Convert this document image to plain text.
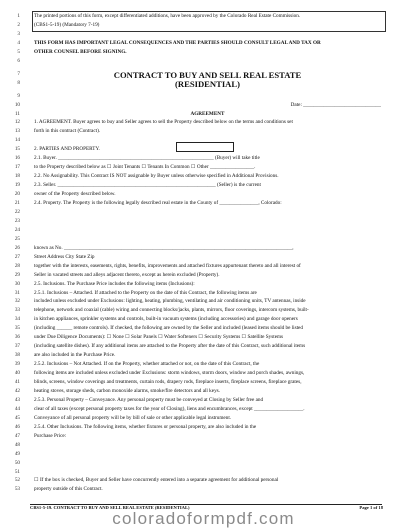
1	The printed portions of this form, except differentiated additions, have been approved by the Colorado Real Estate Commission.
2	(CBS1-5-19) (Mandatory 7-19)
3
4	THIS FORM HAS IMPORTANT LEGAL CONSEQUENCES AND THE PARTIES SHOULD CONSULT LEGAL AND TAX OR
5	OTHER COUNSEL BEFORE SIGNING.
6
7	CONTRACT TO BUY AND SELL REAL ESTATE
8	(RESIDENTIAL)
9
10	Date: ______________________________
11	AGREEMENT
12	1. AGREEMENT. Buyer agrees to buy and Seller agrees to sell the Property described below on the terms and conditions set
13	forth in this contract (Contract).
14
15	2. PARTIES AND PROPERTY.
16	2.1. Buyer. ____________________________________________________________ (Buyer) will take title
17	to the Property described below as ☐ Joint Tenants ☐ Tenants In Common ☐ Other _________________.
18	2.2. No Assignability. This Contract IS NOT assignable by Buyer unless otherwise specified in Additional Provisions.
19	2.3. Seller. _____________________________________________________________ (Seller) is the current
20	owner of the Property described below.
21	2.4. Property. The Property is the following legally described real estate in the County of _______________, Colorado:
22
23
24
25
26	known as No. ________________________________________________________________________________________,
27	Street Address City State Zip
28	together with the interests, easements, rights, benefits, improvements and attached fixtures appurtenant thereto and all interest of
29	Seller in vacated streets and alleys adjacent thereto, except as herein excluded (Property).
30	2.5. Inclusions. The Purchase Price includes the following items (Inclusions):
31	2.5.1. Inclusions – Attached. If attached to the Property on the date of this Contract, the following items are
32	included unless excluded under Exclusions: lighting, heating, plumbing, ventilating and air conditioning units, TV antennas, inside
33	telephone, network and coaxial (cable) wiring and connecting blocks/jacks, plants, mirrors, floor coverings, intercom systems, built-
34	in kitchen appliances, sprinkler systems and controls, built-in vacuum systems (including accessories) and garage door openers
35	(including ______ remote controls). If checked, the following are owned by the Seller and included (leased items should be listed
36	under Due Diligence Documents): ☐ None ☐ Solar Panels ☐ Water Softeners ☐ Security Systems ☐ Satellite Systems
37	(including satellite dishes). If any additional items are attached to the Property after the date of this Contract, such additional items
38	are also included in the Purchase Price.
39	2.5.2. Inclusions – Not Attached. If on the Property, whether attached or not, on the date of this Contract, the
40	following items are included unless excluded under Exclusions: storm windows, storm doors, window and porch shades, awnings,
41	blinds, screens, window coverings and treatments, curtain rods, drapery rods, fireplace inserts, fireplace screens, fireplace grates,
42	heating stoves, storage sheds, carbon monoxide alarms, smoke/fire detectors and all keys.
43	2.5.3. Personal Property – Conveyance. Any personal property must be conveyed at Closing by Seller free and
44	clear of all taxes (except personal property taxes for the year of Closing), liens and encumbrances, except ___________________.
45	Conveyance of all personal property will be by bill of sale or other applicable legal instrument.
46	2.5.4. Other Inclusions. The following items, whether fixtures or personal property, are also included in the
47	Purchase Price:
48
49
50
51
52	☐ If the box is checked, Buyer and Seller have concurrently entered into a separate agreement for additional personal
53	property outside of this Contract.
CBS1-5-19. CONTRACT TO BUY AND SELL REAL ESTATE (RESIDENTIAL)	Page 1 of 18
coloradoformpdf.com
